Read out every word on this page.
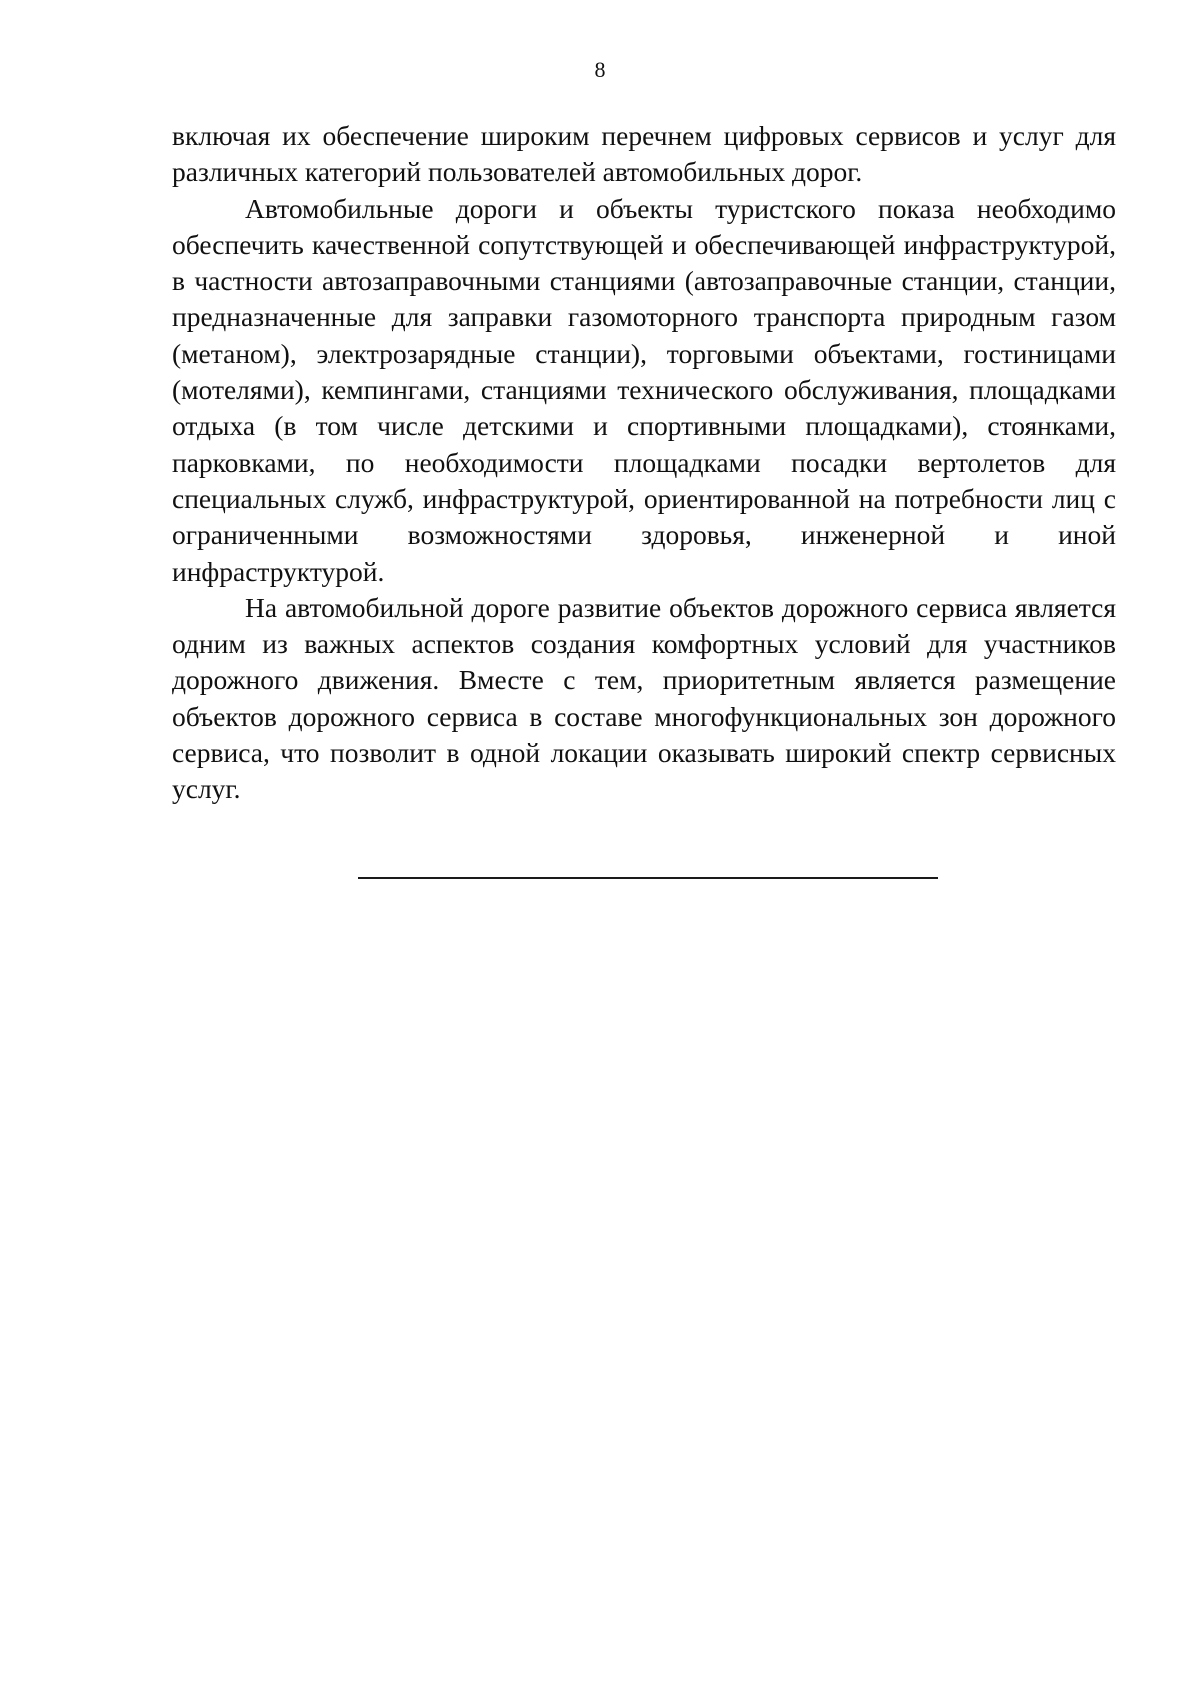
8

включая их обеспечение широким перечнем цифровых сервисов и услуг для различных категорий пользователей автомобильных дорог.

Автомобильные дороги и объекты туристского показа необходимо обеспечить качественной сопутствующей и обеспечивающей инфраструктурой, в частности автозаправочными станциями (автозаправочные станции, станции, предназначенные для заправки газомоторного транспорта природным газом (метаном), электрозарядные станции), торговыми объектами, гостиницами (мотелями), кемпингами, станциями технического обслуживания, площадками отдыха (в том числе детскими и спортивными площадками), стоянками, парковками, по необходимости площадками посадки вертолетов для специальных служб, инфраструктурой, ориентированной на потребности лиц с ограниченными возможностями здоровья, инженерной и иной инфраструктурой.

На автомобильной дороге развитие объектов дорожного сервиса является одним из важных аспектов создания комфортных условий для участников дорожного движения. Вместе с тем, приоритетным является размещение объектов дорожного сервиса в составе многофункциональных зон дорожного сервиса, что позволит в одной локации оказывать широкий спектр сервисных услуг.
